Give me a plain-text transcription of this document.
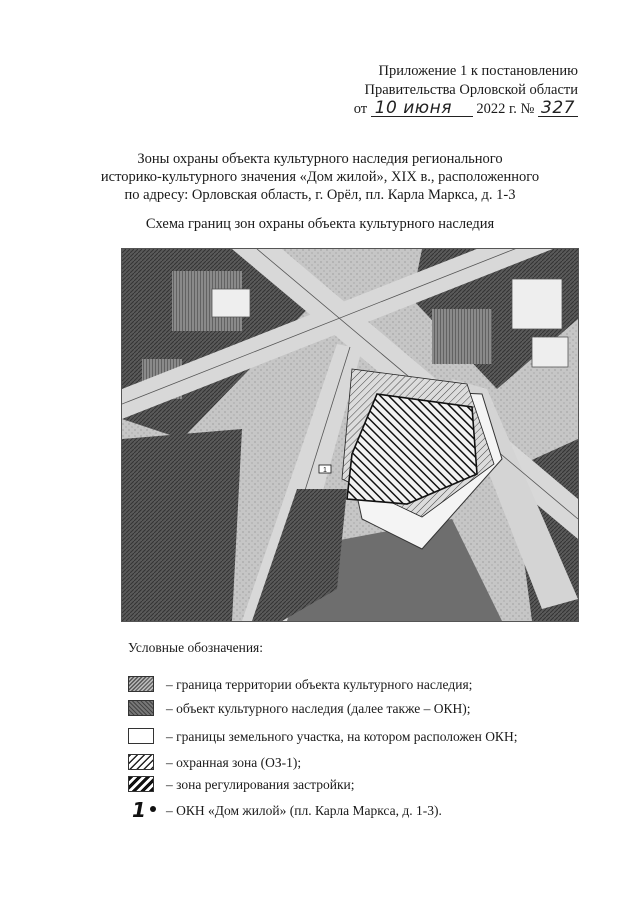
Приложение 1 к постановлению
Правительства Орловской области
от 10 июня 2022 г. № 327
Зоны охраны объекта культурного наследия регионального
историко-культурного значения «Дом жилой», XIX в., расположенного
по адресу: Орловская область, г. Орёл, пл. Карла Маркса, д. 1-3
Схема границ зон охраны объекта культурного наследия
1
Условные обозначения:
– граница территории объекта культурного наследия;
– объект культурного наследия (далее также – ОКН);
– границы земельного участка, на котором расположен ОКН;
– охранная зона (ОЗ-1);
– зона регулирования застройки;
1 – ОКН «Дом жилой» (пл. Карла Маркса, д. 1-3).
